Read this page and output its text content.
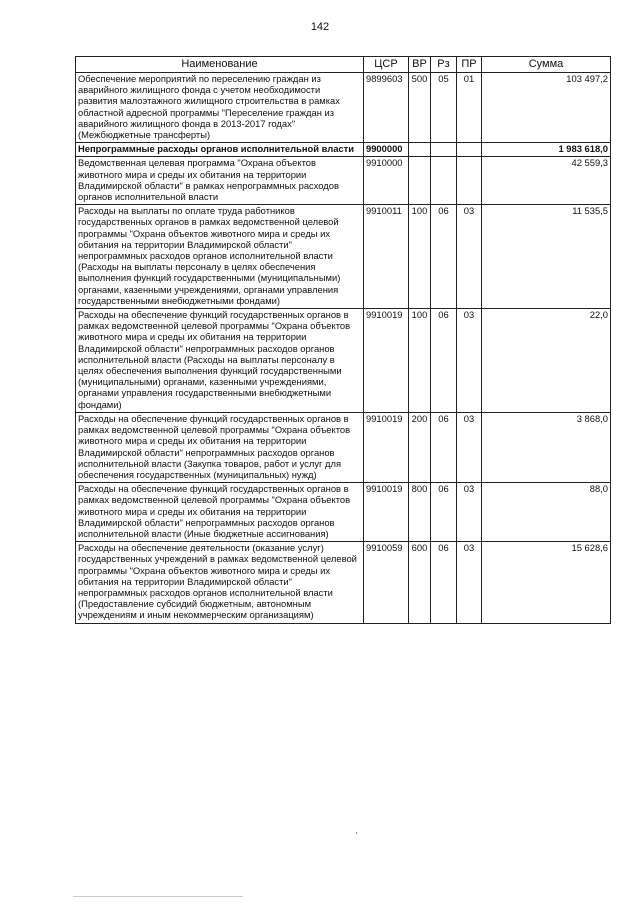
142
Наименование	ЦСР	ВР	Рз	ПР	Сумма

Обеспечение мероприятий по переселению граждан из аварийного жилищного фонда с учетом необходимости развития малоэтажного жилищного строительства в рамках областной адресной программы "Переселение граждан из аварийного жилищного фонда в 2013-2017 годах" (Межбюджетные трансферты)	9899603	500	05	01	103 497,2

Непрограммные расходы органов исполнительной власти	9900000				1 983 618,0

Ведомственная целевая программа "Охрана объектов животного мира и среды их обитания на территории Владимирской области" в рамках непрограммных расходов органов исполнительной власти	9910000				42 559,3

Расходы на выплаты по оплате труда работников государственных органов в рамках ведомственной целевой программы "Охрана объектов животного мира и среды их обитания на территории Владимирской области" непрограммных расходов органов исполнительной власти (Расходы на выплаты персоналу в целях обеспечения выполнения функций государственными (муниципальными) органами, казенными учреждениями, органами управления государственными внебюджетными фондами)	9910011	100	06	03	11 535,5

Расходы на обеспечение функций государственных органов в рамках ведомственной целевой программы "Охрана объектов животного мира и среды их обитания на территории Владимирской области" непрограммных расходов органов исполнительной власти (Расходы на выплаты персоналу в целях обеспечения выполнения функций государственными (муниципальными) органами, казенными учреждениями, органами управления государственными внебюджетными фондами)	9910019	100	06	03	22,0

Расходы на обеспечение функций государственных органов в рамках ведомственной целевой программы "Охрана объектов животного мира и среды их обитания на территории Владимирской области" непрограммных расходов органов исполнительной власти (Закупка товаров, работ и услуг для обеспечения государственных (муниципальных) нужд)	9910019	200	06	03	3 868,0

Расходы на обеспечение функций государственных органов в рамках ведомственной целевой программы "Охрана объектов животного мира и среды их обитания на территории Владимирской области" непрограммных расходов органов исполнительной власти (Иные бюджетные ассигнования)	9910019	800	06	03	88,0

Расходы на обеспечение деятельности (оказание услуг) государственных учреждений в рамках ведомственной целевой программы "Охрана объектов животного мира и среды их обитания на территории Владимирской области" непрограммных расходов органов исполнительной власти (Предоставление субсидий бюджетным, автономным учреждениям и иным некоммерческим организациям)	9910059	600	06	03	15 628,6
